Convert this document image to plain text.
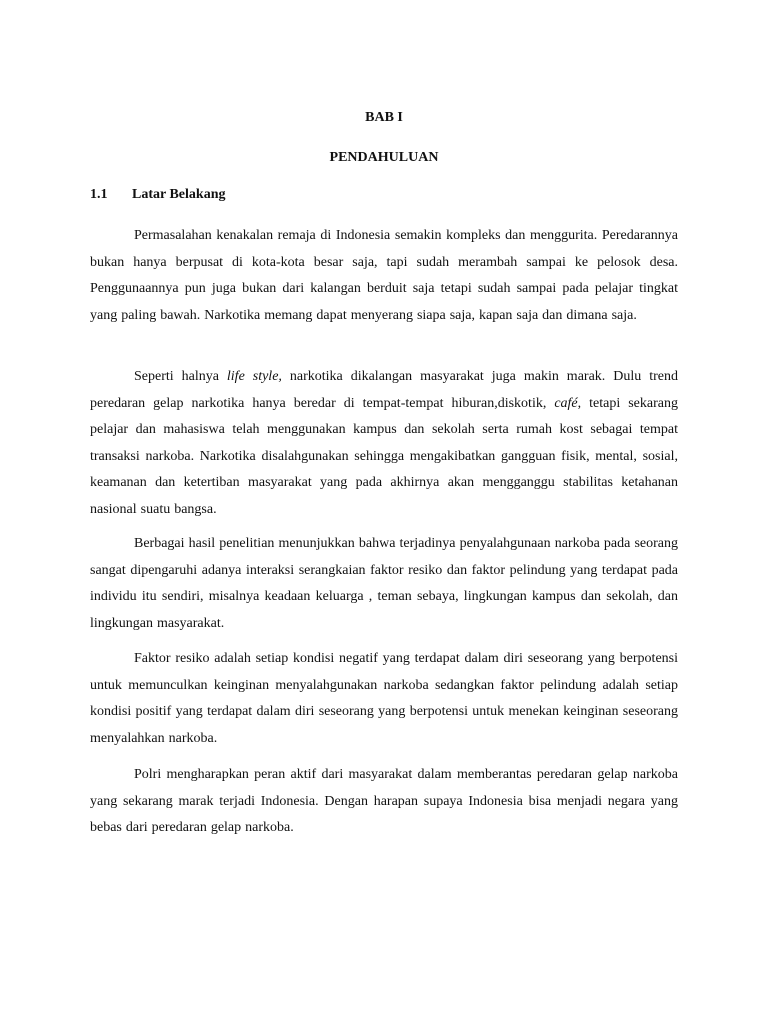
BAB I
PENDAHULUAN
1.1 Latar Belakang

Permasalahan kenakalan remaja di Indonesia semakin kompleks dan menggurita. Peredarannya bukan hanya berpusat di kota-kota besar saja, tapi sudah merambah sampai ke pelosok desa. Penggunaannya pun juga bukan dari kalangan berduit saja tetapi sudah sampai pada pelajar tingkat yang paling bawah. Narkotika memang dapat menyerang siapa saja, kapan saja dan dimana saja.

Seperti halnya life style, narkotika dikalangan masyarakat juga makin marak. Dulu trend peredaran gelap narkotika hanya beredar di tempat-tempat hiburan,diskotik, café, tetapi sekarang pelajar dan mahasiswa telah menggunakan kampus dan sekolah serta rumah kost sebagai tempat transaksi narkoba. Narkotika disalahgunakan sehingga mengakibatkan gangguan fisik, mental, sosial, keamanan dan ketertiban masyarakat yang pada akhirnya akan mengganggu stabilitas ketahanan nasional suatu bangsa.

Berbagai hasil penelitian menunjukkan bahwa terjadinya penyalahgunaan narkoba pada seorang sangat dipengaruhi adanya interaksi serangkaian faktor resiko dan faktor pelindung yang terdapat pada individu itu sendiri, misalnya keadaan keluarga , teman sebaya, lingkungan kampus dan sekolah, dan lingkungan masyarakat.

Faktor resiko adalah setiap kondisi negatif yang terdapat dalam diri seseorang yang berpotensi untuk memunculkan keinginan menyalahgunakan narkoba sedangkan faktor pelindung adalah setiap kondisi positif yang terdapat dalam diri seseorang yang berpotensi untuk menekan keinginan seseorang menyalahkan narkoba.

Polri mengharapkan peran aktif dari masyarakat dalam memberantas peredaran gelap narkoba yang sekarang marak terjadi Indonesia. Dengan harapan supaya Indonesia bisa menjadi negara yang bebas dari peredaran gelap narkoba.
